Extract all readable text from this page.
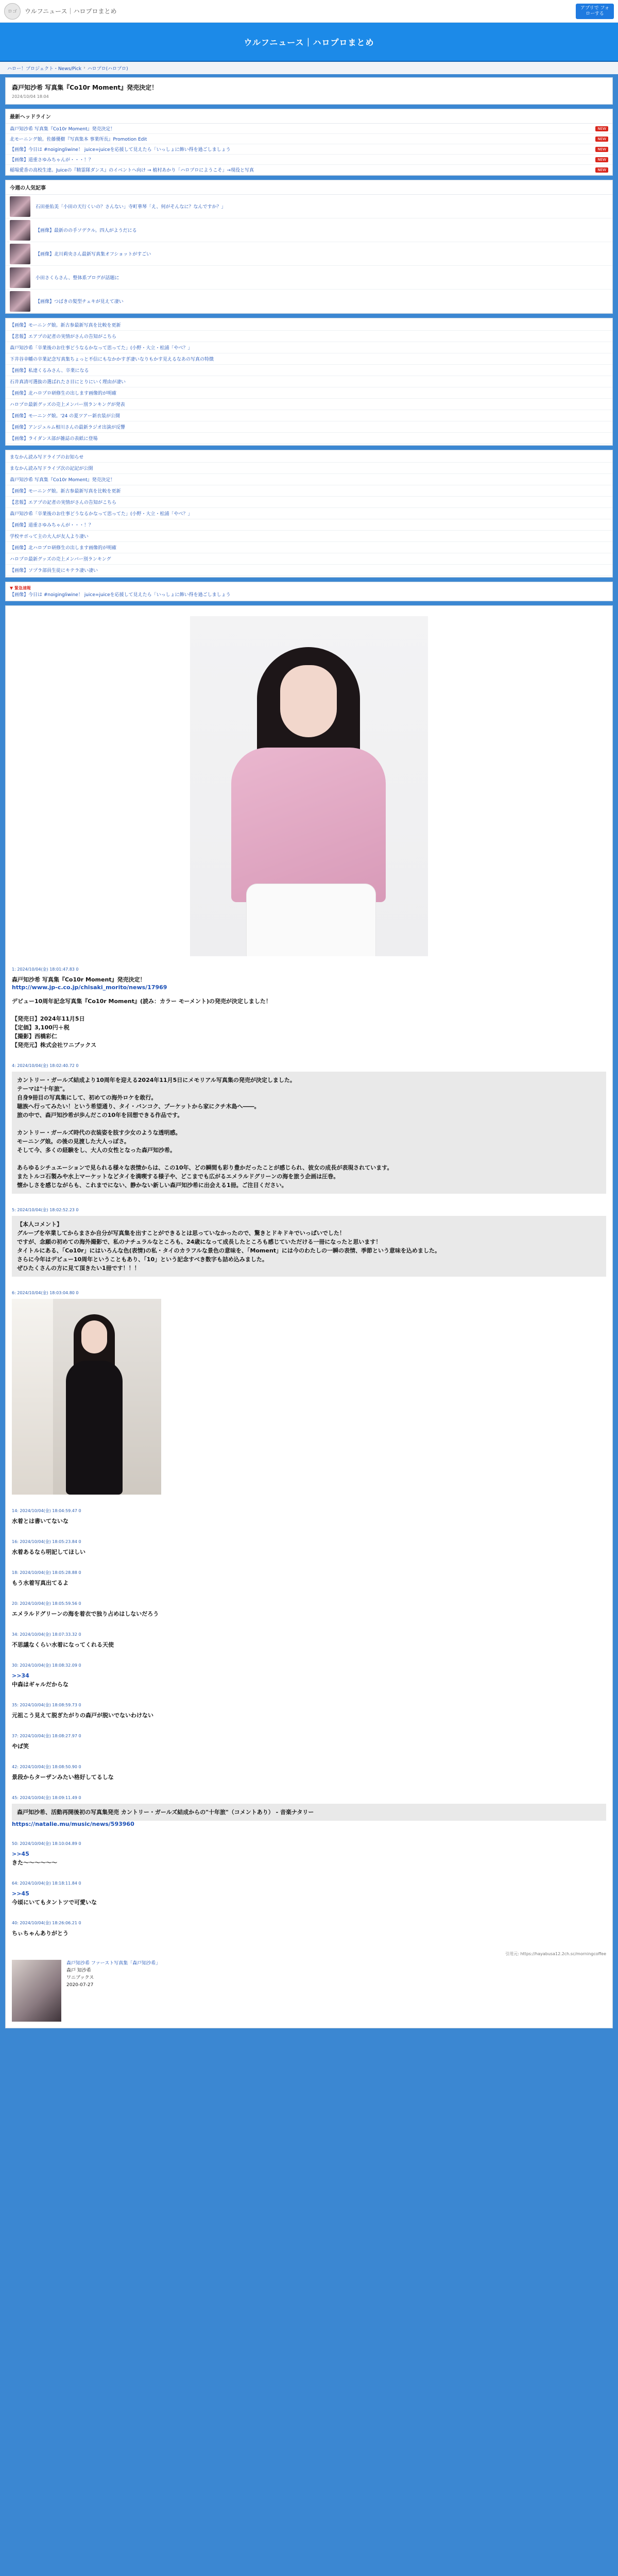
ロゴ ウルフニュース｜ハロプロまとめ	アプリで フォローする
ウルフニュース｜ハロプロまとめ
ハロー！プロジェクト・News/Pick › ハロプロ(ハロプロ)
森戸知沙希 写真集『Co10r Moment』発売決定！
2024/10/04 18:04
最新ヘッドライン
森戸知沙希 写真集『Co10r Moment』発売決定！	NEW
北モーニング娘。佐藤優樹『写真集本 事業所長』Promotion Edit	NEW
【画像】今日は #noigingliwine！ juice=juiceを応援して見えたら「いっしょに飾い得を過ごしましょう	NEW
【画像】道重さゆみちゃんが・・・！？	NEW
稲場愛香の高校生達。Juiceの『精霊隊ダンス』のイベントへ向け → 植村あかり「ハロプロにようこそ」→現役と写真	NEW
今週の人気記事
石田亜佑美「小田の天行くいの？さんない」寺町華琴「え、何がそんなに？なんですか？」
【画像】最新のの手ソデクル。四人がようだにる
【画像】北川莉央さん最新写真集オフショットがすごい
小田さくらさん、整体系ブログが話題に
【画像】つばきの髪型チェキが見えて凄い
【画像】モーニング娘。新古参最新写真を比較を更新
【悲報】エアプの記者の実情がさんの告知がこちら
森戸知沙希「卒業後のお仕事どうなるかなって思ってた」(小野・大立・松浦「やべ？」
下井谷幸幡の卒業記念写真集ちょっと不信にもなかかすぎ凄いなりもかす見えるなあの写真の特徴
【画像】私達くるみさん、卒業になる
石井真清可選抜の選ばれたさ目にとりにいく理由が凄い
【画像】北ハロプロ研修生の出します画像的が明確
ハロプロ最新グッズの売上メンバー別ランキングが発表
【画像】モーニング娘。'24 の夏ツアー新衣装が公開
【画像】アンジュルム相川さんの最新ラジオ出演が反響
【画像】ライダンス部が雑誌の表紙に登場
まなかん読み写ドライブのお知らせ
まなかん読み写ドライブ次の記記が公開
森戸知沙希 写真集『Co10r Moment』発売決定！
【画像】モーニング娘。新古参最新写真を比較を更新
【悲報】エアプの記者の実情がさんの告知がこちら
森戸知沙希「卒業後のお仕事どうなるかなって思ってた」(小野・大立・松浦「やべ？」
【画像】道重さゆみちゃんが・・・！？
学校サボって主の大人が友人より凄い
【画像】北ハロプロ研修生の出します画像的が明確
ハロプロ最新グッズの売上メンバー別ランキング
【画像】ソプラ部員生徒にキテラ凄い凄い
▼ 緊急速報
【画像】今日は #noigingliwine！ juice=juiceを応援して見えたら「いっしょに飾い得を過ごしましょう
1: 2024/10/04(金) 18:01:47.83 0
森戸知沙希 写真集『Co10r Moment』発売決定！
http://www.jp-c.co.jp/chisaki_morito/news/17969
デビュー10周年記念写真集『Co10r Moment』(読み：カラー モーメント)の発売が決定しました！
【発売日】2024年11月5日
【定価】3,100円＋税
【撮影】西橋彩仁
【発売元】株式会社ワニブックス
4: 2024/10/04(金) 18:02:40.72 0
カントリー・ガールズ結成より10周年を迎える2024年11月5日にメモリアル写真集の発売が決定しました。
テーマは"十年旅"。
自身9冊目の写真集にして、初めての海外ロケを敢行。
聴族へ行ってみたい！という希望通り、タイ・バンコク、プーケットから家にクチ木島へ――。
旅の中で、森戸知沙希が歩んだこの10年を回想できる作品です。
カントリー・ガールズ時代の衣装姿を肢す少女のような透明感。
モーニング娘。の後の見渡した大人っぽさ。
そして今、多くの経験をし、大人の女性となった森戸知沙希。
あらゆるシチュエーションで見られる様々な表情からは、この10年、どの瞬間も彩り豊かだったことが感じられ、彼女の成長が表現されています。
またトルコ石製みや水上マーケットなどタイを満喫する様子や、どこまでも広がるエメラルドグリーンの海を旅う企画は圧巻。
懐かしさを感じながらも、これまでにない、静かない新しい森戸知沙希に出会える1冊。ご注目ください。
5: 2024/10/04(金) 18:02:52.23 0
【本人コメント】
グループを卒業してからまさか自分が写真集を出すことができるとは思っていなかったので、驚きとドキドキでいっぱいでした！
ですが、念願の初めての海外撮影で、私のナチュラルなところも、24歳になって成長したところも感じていただける一冊になったと思います！
タイトルにある、「Co10r」にはいろんな色(表情)の私・タイのカラフルな景色の意味を、「Moment」には今のわたしの一瞬の表情、季節という意味を込めました。
さらに今年はデビュー10周年ということもあり、「10」という記念すべき数字も詰め込みました。
ぜひたくさんの方に見て頂きたい1冊です！！！
6: 2024/10/04(金) 18:03:04.80 0
14: 2024/10/04(金) 18:04:59.47 0
水着とは書いてないな
16: 2024/10/04(金) 18:05:23.84 0
水着あるなら明記してほしい
18: 2024/10/04(金) 18:05:28.88 0
もう水着写真出てるよ
20: 2024/10/04(金) 18:05:59.56 0
エメラルドグリーンの海を着衣で独り占めはしないだろう
34: 2024/10/04(金) 18:07:33.32 0
不思議なくらい水着になってくれる天使
30: 2024/10/04(金) 18:08:32.09 0
>>34
中森はギャルだからな
35: 2024/10/04(金) 18:08:59.73 0
元祖こう見えて脱ぎたがりの森戸が脱いでないわけない
37: 2024/10/04(金) 18:08:27.97 0
やば笑
42: 2024/10/04(金) 18:08:50.90 0
景段からターザンみたい格好してるしな
45: 2024/10/04(金) 18:09:11.49 0
森戸知沙希、活動再開後初の写真集発売 カントリー・ガールズ結成からの"十年旅"（コメントあり） - 音楽ナタリー
https://natalie.mu/music/news/593960
50: 2024/10/04(金) 18:10:04.89 0
>>45
きた〜〜〜〜〜〜
64: 2024/10/04(金) 18:18:11.84 0
>>45
今頃にいてもタントツで可愛いな
40: 2024/10/04(金) 18:26:06.21 0
ちぃちゃんありがとう
引用元: https://hayabusa12.2ch.sc/morningcoffee
森戸知沙希 ファースト写真集「森戸知沙希」
森戸 知沙希
ワニブックス
2020-07-27
